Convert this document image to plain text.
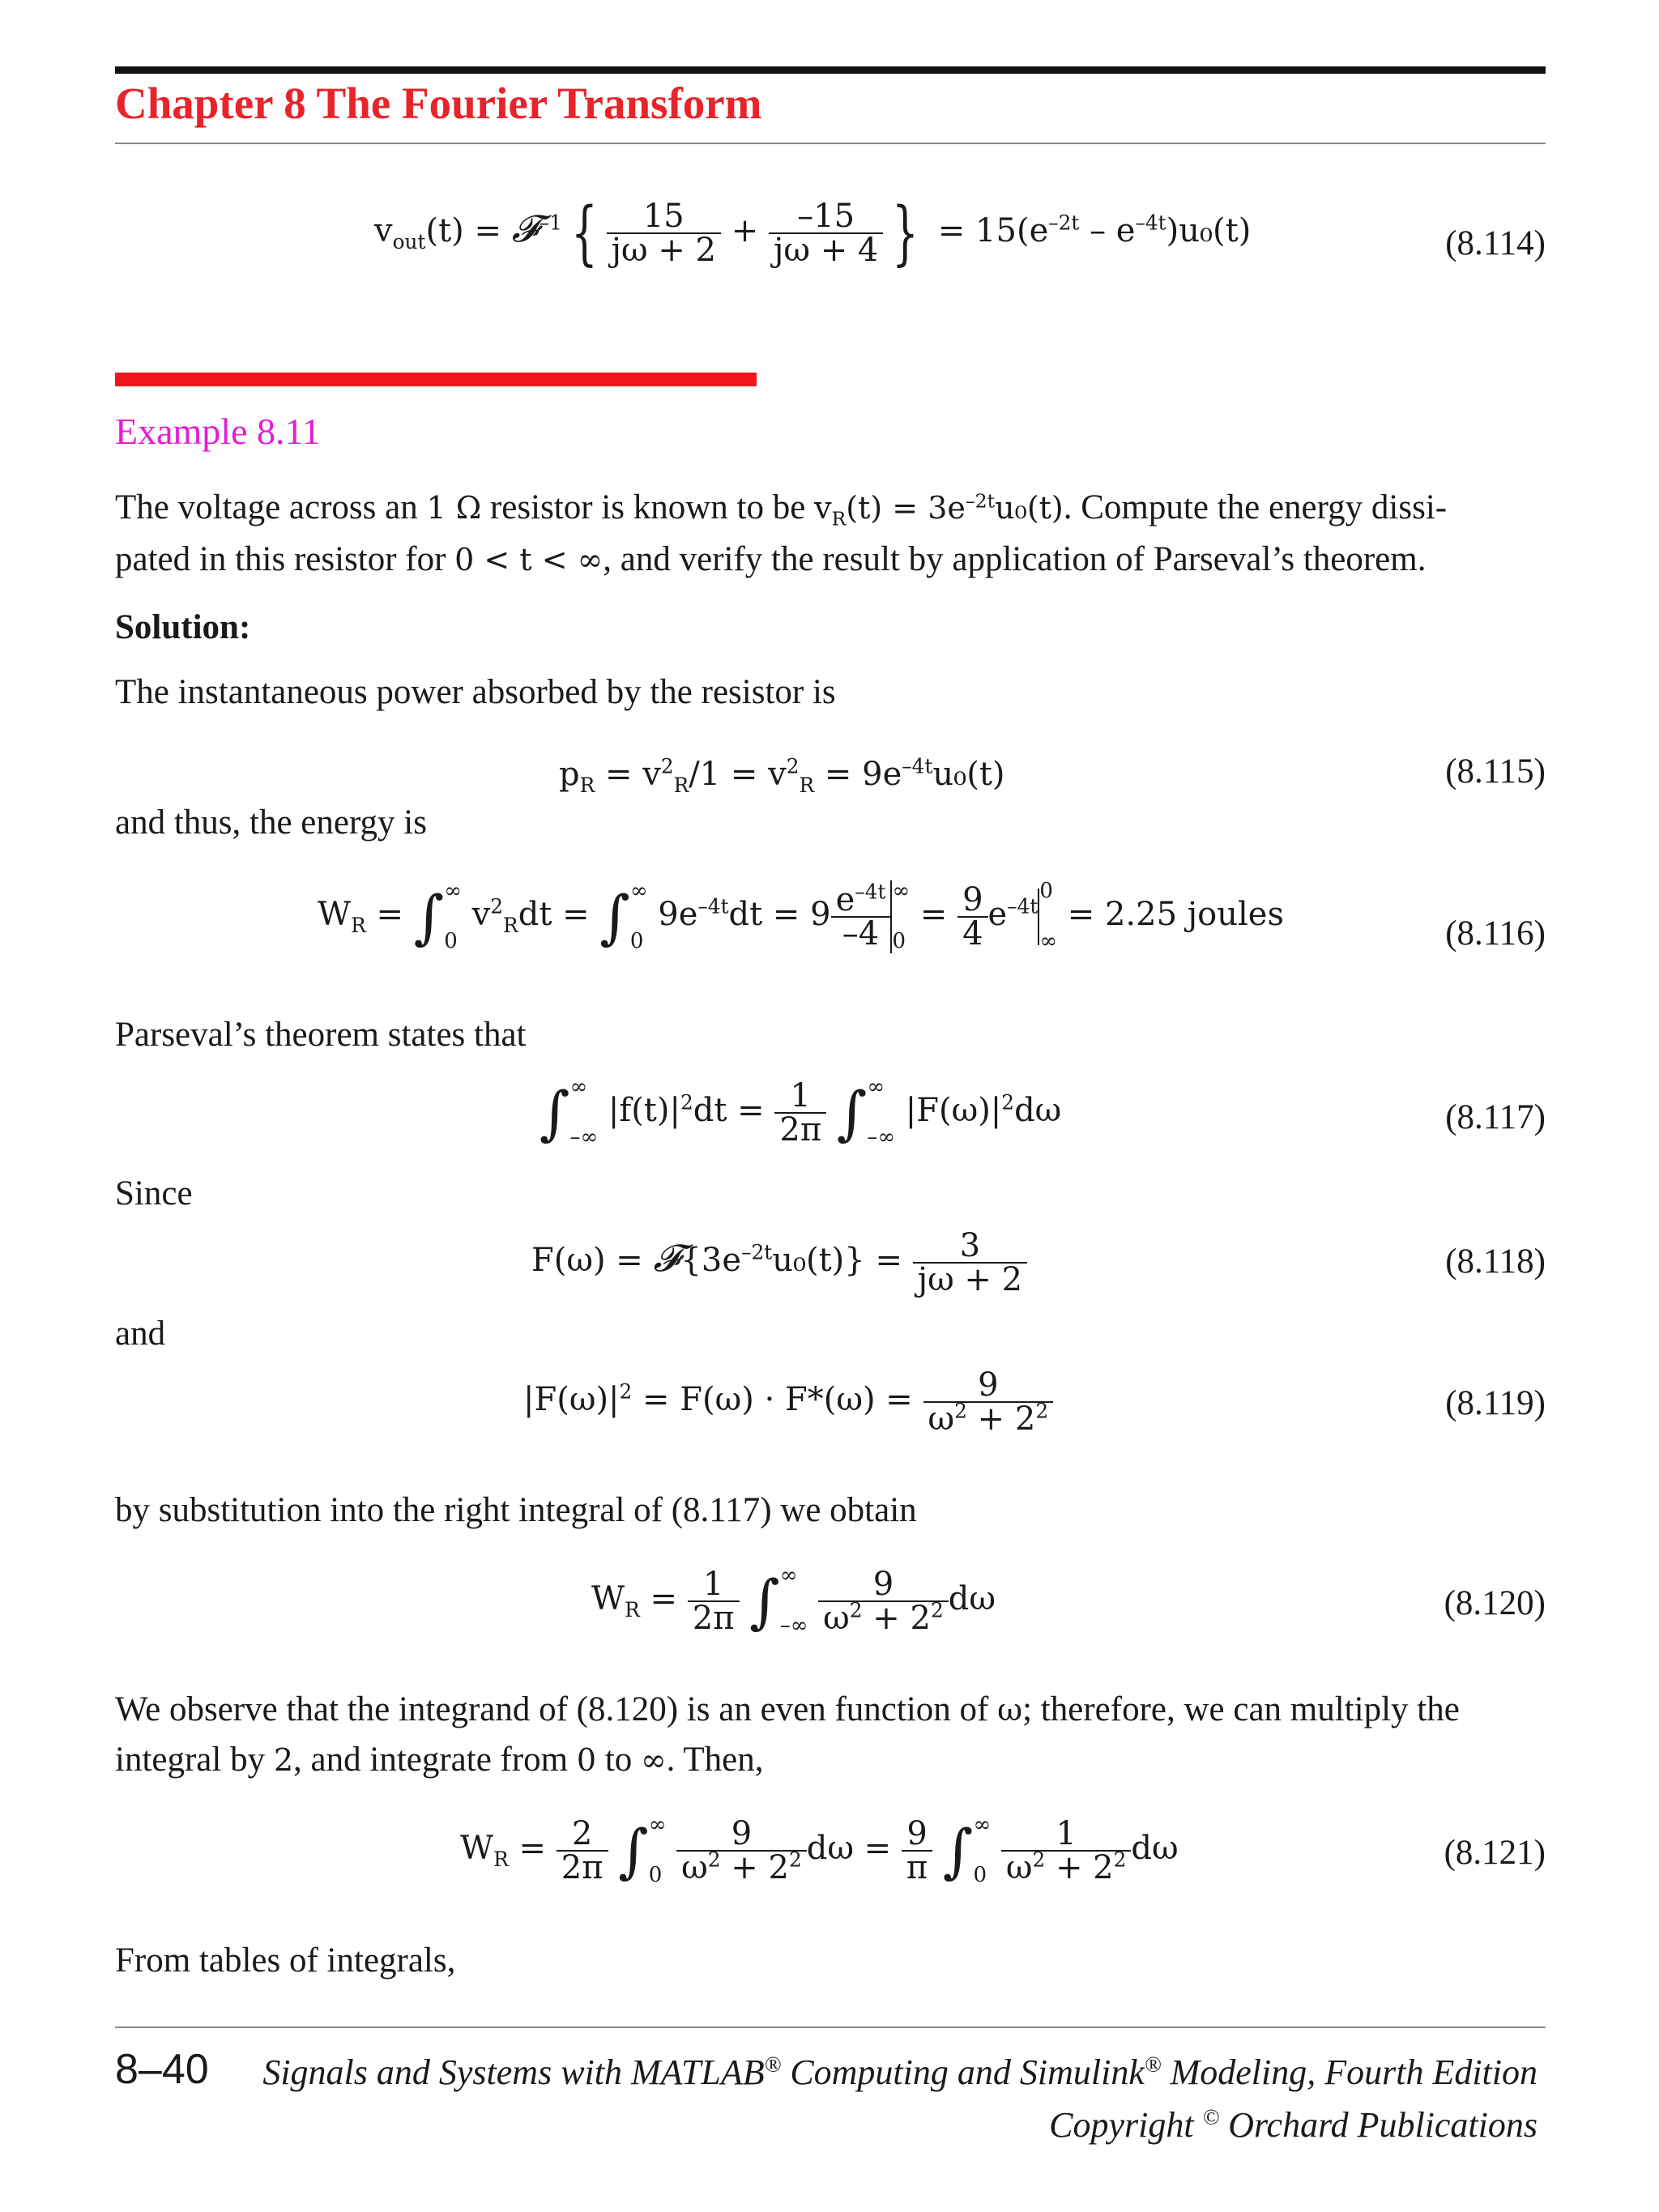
Chapter 8 The Fourier Transform
$v_{out}(t)$ = 𝓕$^{-1}$ { $\frac{15}{j\omega + 2} + \frac{-15}{j\omega + 4}$ } = $15(e^{-2t} - e^{-4t})u_0(t)$	(8.114)
Example 8.11
The voltage across an 1 Ω resistor is known to be $v_R(t) = 3e^{-2t}u_0(t)$. Compute the energy dissi-
pated in this resistor for 0 < t < ∞, and verify the result by application of Parseval’s theorem.
Solution:
The instantaneous power absorbed by the resistor is
$p_R = v^2_R/1 = v^2_R = 9e^{-4t}u_0(t)$	(8.115)
and thus, the energy is
$W_R$ = ∫∞

0 $v^2_Rdt$ = ∫∞

0 $9e^{-4t}dt = 9 \frac{e^{-4t}}{-4}$ ∞

$0 = \frac{9}{4} e^{-4t}0$

∞ = 2.25 joules
(8.116)
Parseval’s theorem states that
∫∞

–∞ $|f(t)|^2dt = \frac{1}{2\pi}$ ∫∞

–∞ $|F(\omega)|^2d\omega$	(8.117)
Since
$F(\omega) = 𝓕\{3e^{-2t}u_0(t)\} = \frac{3}{j\omega + 2}$	(8.118)
and
$|F(\omega)|^2 = F(\omega) \cdot F*(\omega) = \frac{9}{\omega^2 + 2^2}$	(8.119)
by substitution into the right integral of (8.117) we obtain
$W_R = \frac{1}{2\pi}$ ∫∞

–∞ $\frac{9}{\omega^2 + 2^2}$ dω	(8.120)
We observe that the integrand of (8.120) is an even function of ω; therefore, we can multiply the
integral by 2, and integrate from 0 to ∞. Then,
$W_R = \frac{2}{2\pi}$ ∫∞

$0 \frac{9}{\omega^2 + 2^2}$ $d\omega = \frac{9}{\pi}$ ∫∞

$0 \frac{1}{\omega^2 + 2^2}$ dω	(8.121)
From tables of integrals,
8–40 Signals and Systems with MATLAB® Computing and Simulink® Modeling, Fourth Edition
Copyright © Orchard Publications
